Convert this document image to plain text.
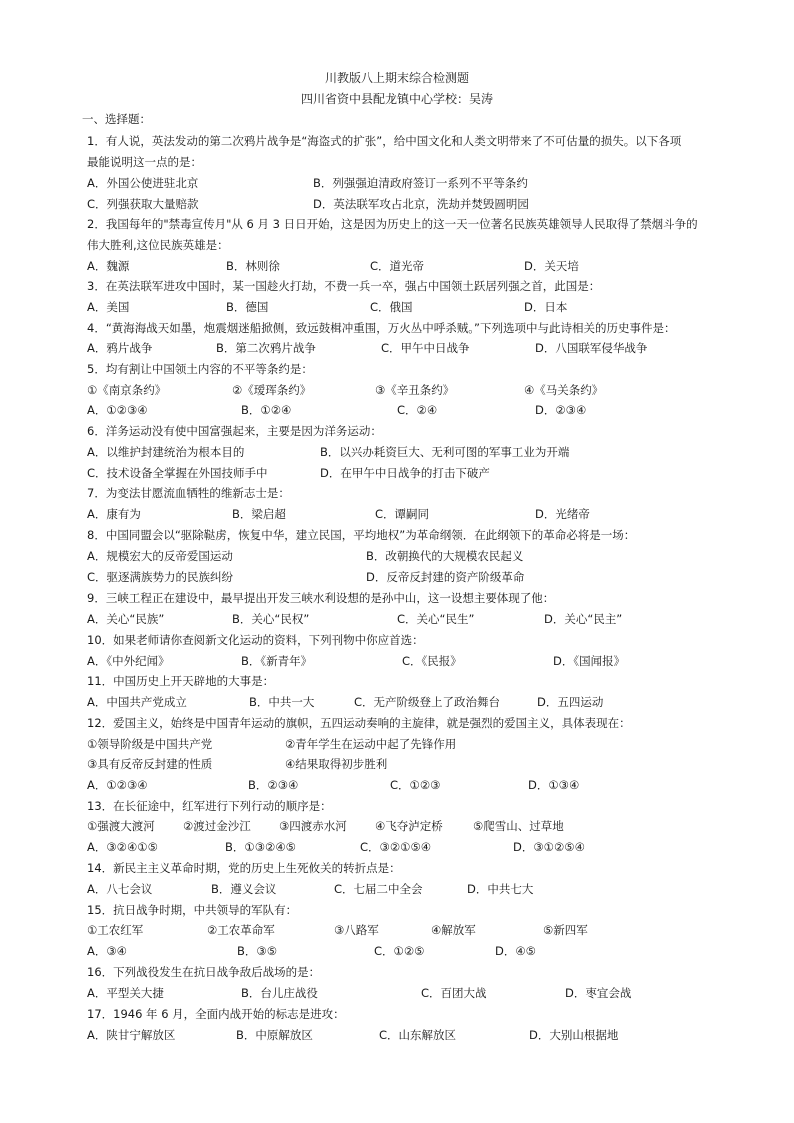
川教版八上期末综合检测题
四川省资中县配龙镇中心学校：吴涛
一、选择题：
1．有人说，英法发动的第二次鸦片战争是“海盗式的扩张”，给中国文化和人类文明带来了不可估量的损失。以下各项
最能说明这一点的是：
A．外国公使进驻北京	B．列强强迫清政府签订一系列不平等条约
C．列强获取大量赔款	D．英法联军攻占北京，洗劫并焚毁圆明园
2．我国每年的"禁毒宣传月"从 6 月 3 日日开始，这是因为历史上的这一天一位著名民族英雄领导人民取得了禁烟斗争的
伟大胜利,这位民族英雄是：
A．魏源	B．林则徐	C．道光帝	D．关天培
3．在英法联军进攻中国时，某一国趁火打劫，不费一兵一卒，强占中国领土跃居列强之首，此国是：
A．美国	B．德国	C．俄国	D．日本
4．“黄海海战天如墨，炮震烟迷船掀侧，致远鼓楫冲重围，万火丛中呼杀贼。”下列选项中与此诗相关的历史事件是：
A．鸦片战争	B．第二次鸦片战争	C．甲午中日战争	D．八国联军侵华战争
5．均有割让中国领土内容的不平等条约是：
①《南京条约》	②《瑷珲条约》	③《辛丑条约》	④《马关条约》
A．①②③④	B．①②④	C．②④	D．②③④
6．洋务运动没有使中国富强起来，主要是因为洋务运动：
A．以维护封建统治为根本目的	B．以兴办耗资巨大、无利可图的军事工业为开端
C．技术设备全掌握在外国技师手中	D．在甲午中日战争的打击下破产
7．为变法甘愿流血牺牲的维新志士是：
A．康有为	B．梁启超	C．谭嗣同	D．光绪帝
8．中国同盟会以“驱除鞑虏，恢复中华，建立民国，平均地权”为革命纲领．在此纲领下的革命必将是一场：
A．规模宏大的反帝爱国运动	B．改朝换代的大规模农民起义
C．驱逐满族势力的民族纠纷	D．反帝反封建的资产阶级革命
9．三峡工程正在建设中，最早提出开发三峡水利设想的是孙中山，这一设想主要体现了他：
A．关心“民族”	B．关心“民权”	C．关心“民生”	D．关心“民主”
10．如果老师请你查阅新文化运动的资料，下列刊物中你应首选：
A．《中外纪闻》	B．《新青年》	C．《民报》	D．《国闻报》
11．中国历史上开天辟地的大事是：
A．中国共产党成立	B．中共一大	C．无产阶级登上了政治舞台	D．五四运动
12．爱国主义，始终是中国青年运动的旗帜，五四运动奏响的主旋律，就是强烈的爱国主义，具体表现在：
①领导阶级是中国共产党	②青年学生在运动中起了先锋作用
③具有反帝反封建的性质	④结果取得初步胜利
A．①②③④	B．②③④	C．①②③	D．①③④
13．在长征途中，红军进行下列行动的顺序是：
①强渡大渡河 ②渡过金沙江 ③四渡赤水河 ④飞夺泸定桥	⑤爬雪山、过草地
A．③②④①⑤	B．①③②④⑤	C．③②①⑤④	D．③①②⑤④
14．新民主主义革命时期，党的历史上生死攸关的转折点是：
A．八七会议	B．遵义会议	C．七届二中全会	D．中共七大
15．抗日战争时期，中共领导的军队有：
①工农红军	②工农革命军	③八路军	④解放军	⑤新四军
A．③④	B．③⑤	C．①②⑤	D．④⑤
16．下列战役发生在抗日战争敌后战场的是：
A．平型关大捷	B．台儿庄战役	C．百团大战	D．枣宜会战
17．1946 年 6 月，全面内战开始的标志是进攻：
A．陕甘宁解放区	B．中原解放区	C．山东解放区	D．大别山根据地
